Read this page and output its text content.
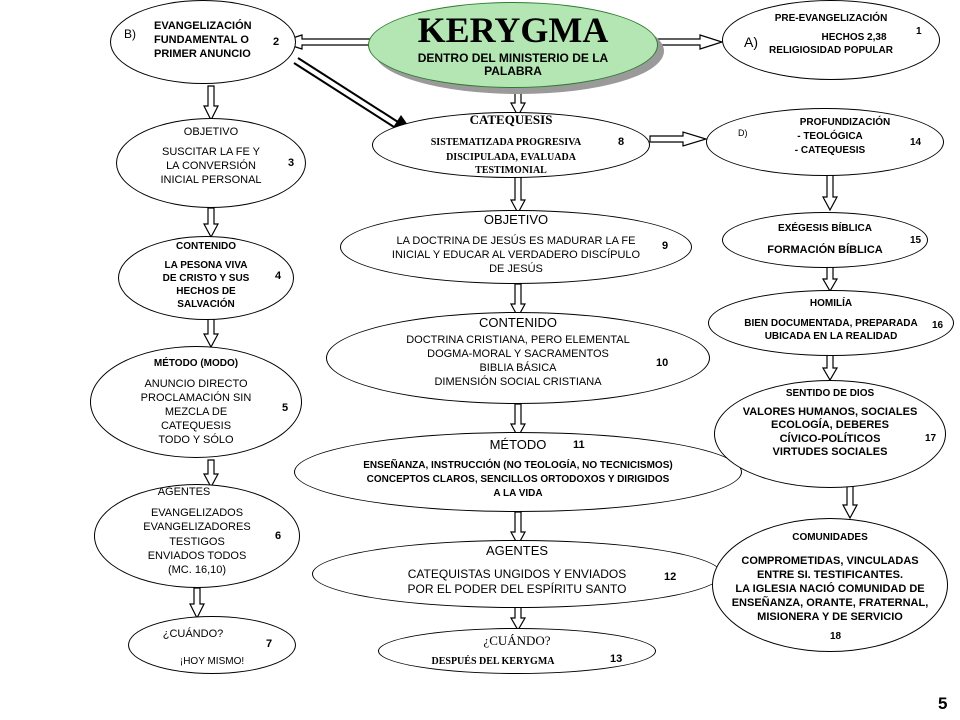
KERYGMA
DENTRO DEL MINISTERIO DE LA
PALABRA
B)
EVANGELIZACIÓN
FUNDAMENTAL O
PRIMER ANUNCIO
2
OBJETIVO
SUSCITAR LA FE Y
LA CONVERSIÓN
INICIAL PERSONAL
3
CONTENIDO
LA PESONA VIVA
DE CRISTO Y SUS
HECHOS DE
SALVACIÓN
4
MÉTODO (MODO)
ANUNCIO DIRECTO
PROCLAMACIÓN SIN
MEZCLA DE
CATEQUESIS
TODO Y SÓLO
5
AGENTES
EVANGELIZADOS
EVANGELIZADORES
TESTIGOS
ENVIADOS TODOS
(MC. 16,10)
6
¿CUÁNDO?
¡HOY MISMO!
7
CATEQUESIS
SISTEMATIZADA PROGRESIVA
DISCIPULADA, EVALUADA
TESTIMONIAL
8
OBJETIVO
LA DOCTRINA DE JESÚS ES MADURAR LA FE
INICIAL Y EDUCAR AL VERDADERO DISCÍPULO
DE JESÚS
9
CONTENIDO
DOCTRINA CRISTIANA, PERO ELEMENTAL
DOGMA-MORAL Y SACRAMENTOS
BIBLIA BÁSICA
DIMENSIÓN SOCIAL CRISTIANA
10
MÉTODO	11
ENSEÑANZA, INSTRUCCIÓN (NO TEOLOGÍA, NO TECNICISMOS)
CONCEPTOS CLAROS, SENCILLOS ORTODOXOS Y DIRIGIDOS
A LA VIDA
AGENTES
CATEQUISTAS UNGIDOS Y ENVIADOS
POR EL PODER DEL ESPÍRITU SANTO
12
¿CUÁNDO?
DESPUÉS DEL KERYGMA	13
PRE-EVANGELIZACIÓN
A)	HECHOS 2,38
RELIGIOSIDAD POPULAR
1
D)
PROFUNDIZACIÓN
- TEOLÓGICA
- CATEQUESIS
14
EXÉGESIS BÍBLICA
FORMACIÓN BÍBLICA
15
HOMILÍA
BIEN DOCUMENTADA, PREPARADA
UBICADA EN LA REALIDAD
16
SENTIDO DE DIOS
VALORES HUMANOS, SOCIALES
ECOLOGÍA, DEBERES
CÍVICO-POLÍTICOS
VIRTUDES SOCIALES
17
COMUNIDADES
COMPROMETIDAS, VINCULADAS
ENTRE SI. TESTIFICANTES.
LA IGLESIA NACIÓ COMUNIDAD DE
ENSEÑANZA, ORANTE, FRATERNAL,
MISIONERA Y DE SERVICIO
18
5
